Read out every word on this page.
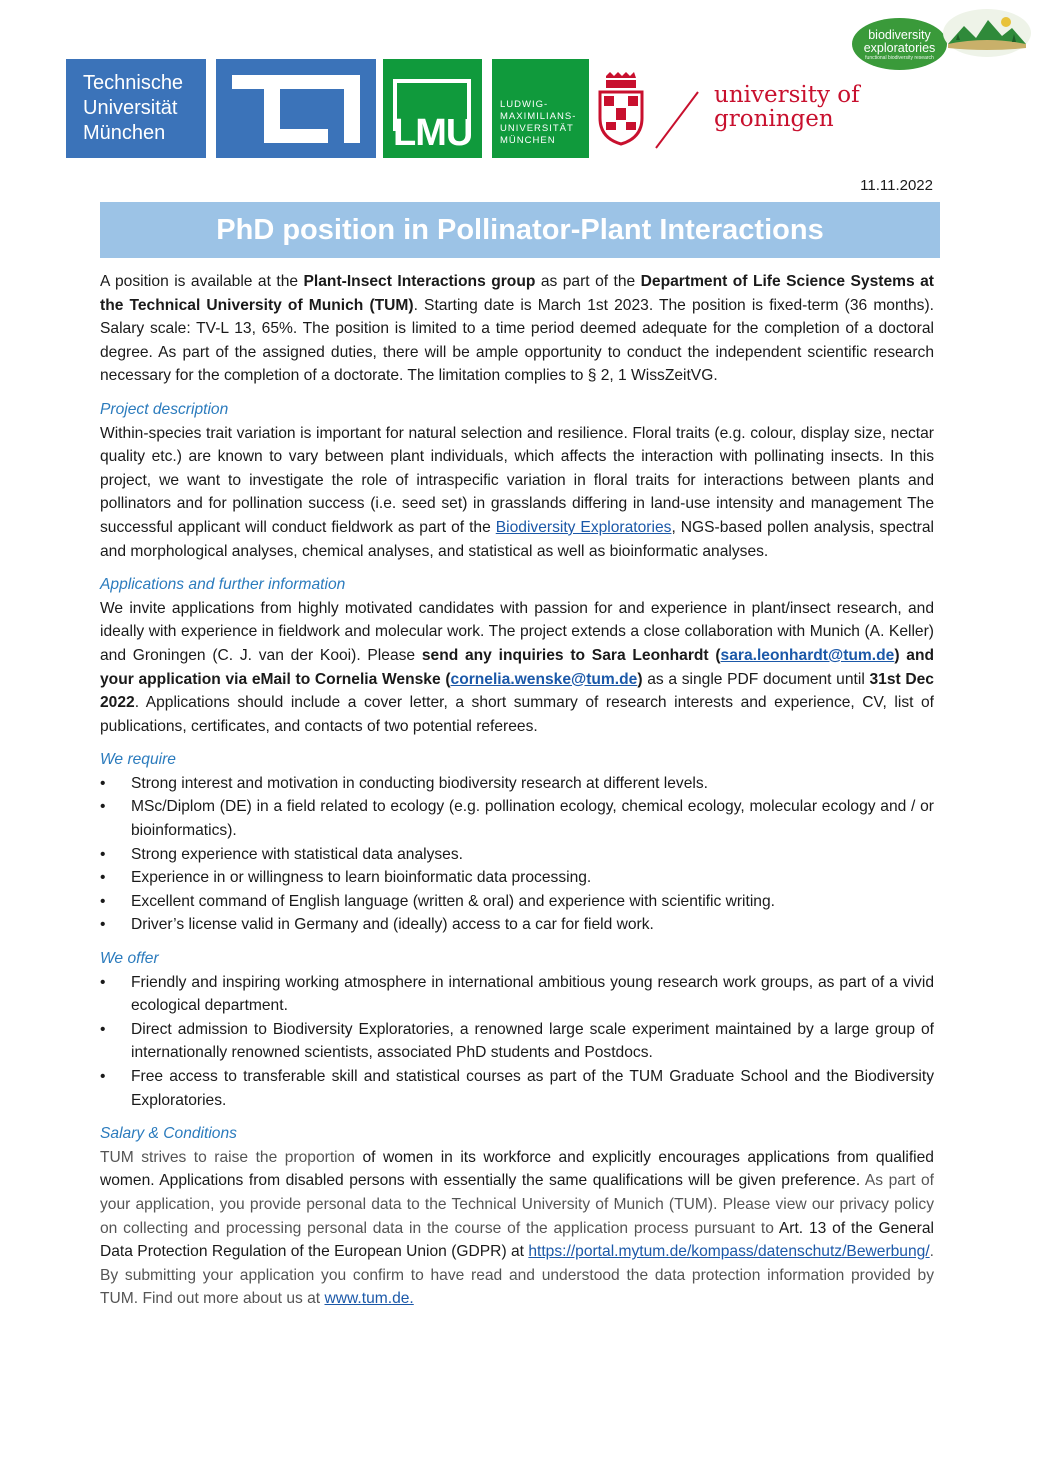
Technische
Universität
München	LMU
LUDWIG-
MAXIMILIANS-
UNIVERSITÄT
MÜNCHEN
university of
groningen
biodiversity
exploratories
functional biodiversity research
11.11.2022
PhD position in Pollinator-Plant Interactions

A position is available at the Plant-Insect Interactions group as part of the Department of Life Science Systems at the Technical University of Munich (TUM). Starting date is March 1st 2023. The position is fixed-term (36 months). Salary scale: TV-L 13, 65%. The position is limited to a time period deemed adequate for the completion of a doctoral degree. As part of the assigned duties, there will be ample opportunity to conduct the independent scientific research necessary for the completion of a doctorate. The limitation complies to § 2, 1 WissZeitVG.

Project description

Within-species trait variation is important for natural selection and resilience. Floral traits (e.g. colour, display size, nectar quality etc.) are known to vary between plant individuals, which affects the interaction with pollinating insects. In this project, we want to investigate the role of intraspecific variation in floral traits for interactions between plants and pollinators and for pollination success (i.e. seed set) in grasslands differing in land-use intensity and management The successful applicant will conduct fieldwork as part of the Biodiversity Exploratories, NGS-based pollen analysis, spectral and morphological analyses, chemical analyses, and statistical as well as bioinformatic analyses.

Applications and further information

We invite applications from highly motivated candidates with passion for and experience in plant/insect research, and ideally with experience in fieldwork and molecular work. The project extends a close collaboration with Munich (A. Keller) and Groningen (C. J. van der Kooi). Please send any inquiries to Sara Leonhardt (sara.leonhardt@tum.de) and your application via eMail to Cornelia Wenske (cornelia.wenske@tum.de) as a single PDF document until 31st Dec 2022. Applications should include a cover letter, a short summary of research interests and experience, CV, list of publications, certificates, and contacts of two potential referees.

We require
• Strong interest and motivation in conducting biodiversity research at different levels.
• MSc/Diplom (DE) in a field related to ecology (e.g. pollination ecology, chemical ecology, molecular ecology and / or bioinformatics).
• Strong experience with statistical data analyses.
• Experience in or willingness to learn bioinformatic data processing.
• Excellent command of English language (written & oral) and experience with scientific writing.
• Driver’s license valid in Germany and (ideally) access to a car for field work.
We offer
• Friendly and inspiring working atmosphere in international ambitious young research work groups, as part of a vivid ecological department.
• Direct admission to Biodiversity Exploratories, a renowned large scale experiment maintained by a large group of internationally renowned scientists, associated PhD students and Postdocs.
• Free access to transferable skill and statistical courses as part of the TUM Graduate School and the Biodiversity Exploratories.
Salary & Conditions

TUM strives to raise the proportion of women in its workforce and explicitly encourages applications from qualified women. Applications from disabled persons with essentially the same qualifications will be given preference. As part of your application, you provide personal data to the Technical University of Munich (TUM). Please view our privacy policy on collecting and processing personal data in the course of the application process pursuant to Art. 13 of the General Data Protection Regulation of the European Union (GDPR) at https://portal.mytum.de/kompass/datenschutz/Bewerbung/. By submitting your application you confirm to have read and understood the data protection information provided by TUM. Find out more about us at www.tum.de.
